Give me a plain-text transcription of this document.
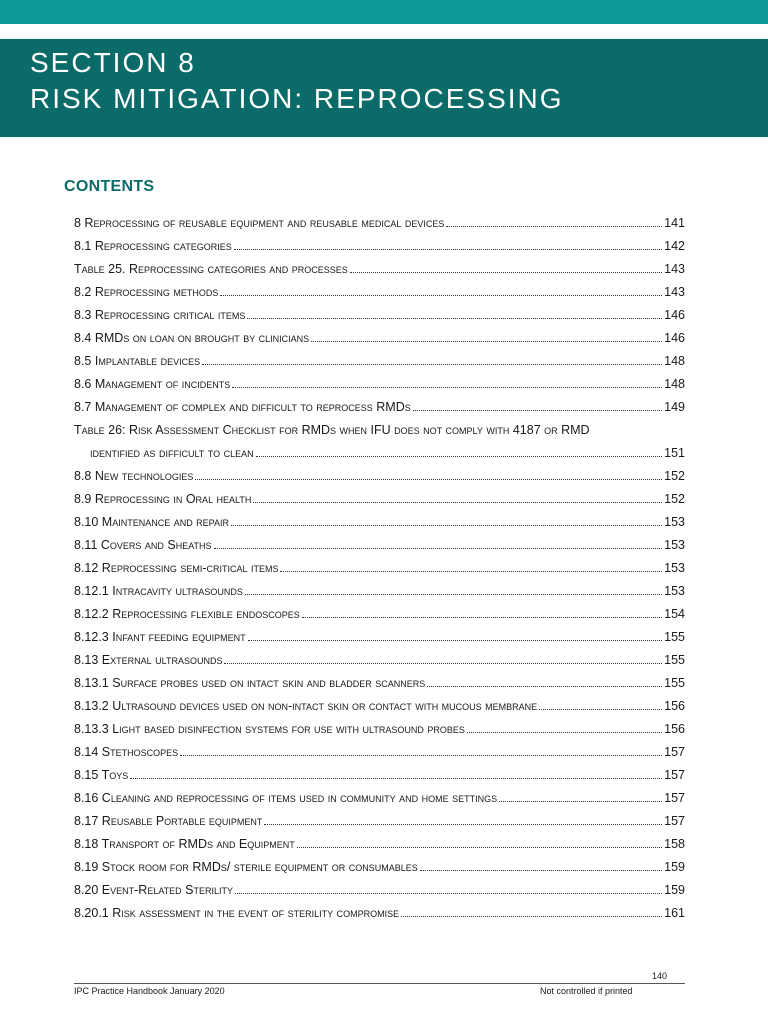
SECTION 8
RISK MITIGATION: REPROCESSING
CONTENTS
8 Reprocessing of reusable equipment and reusable medical devices	141
8.1 Reprocessing categories	142
Table 25. Reprocessing categories and processes	143
8.2 Reprocessing methods	143
8.3 Reprocessing critical items	146
8.4 RMDs on loan on brought by clinicians	146
8.5 Implantable devices	148
8.6 Management of incidents	148
8.7 Management of complex and difficult to reprocess RMDs	149
Table 26: Risk Assessment Checklist for RMDs when IFU does not comply with 4187 or RMD
identified as difficult to clean	151
8.8 New technologies	152
8.9 Reprocessing in Oral health	152
8.10 Maintenance and repair	153
8.11 Covers and Sheaths	153
8.12 Reprocessing semi-critical items	153
8.12.1 Intracavity ultrasounds	153
8.12.2 Reprocessing flexible endoscopes	154
8.12.3 Infant feeding equipment	155
8.13 External ultrasounds	155
8.13.1 Surface probes used on intact skin and bladder scanners	155
8.13.2 Ultrasound devices used on non-intact skin or contact with mucous membrane	156
8.13.3 Light based disinfection systems for use with ultrasound probes	156
8.14 Stethoscopes	157
8.15 Toys	157
8.16 Cleaning and reprocessing of items used in community and home settings	157
8.17 Reusable Portable equipment	157
8.18 Transport of RMDs and Equipment	158
8.19 Stock room for RMDs/ sterile equipment or consumables	159
8.20 Event-Related Sterility	159
8.20.1 Risk assessment in the event of sterility compromise	161
140
IPC Practice Handbook January 2020	Not controlled if printed
